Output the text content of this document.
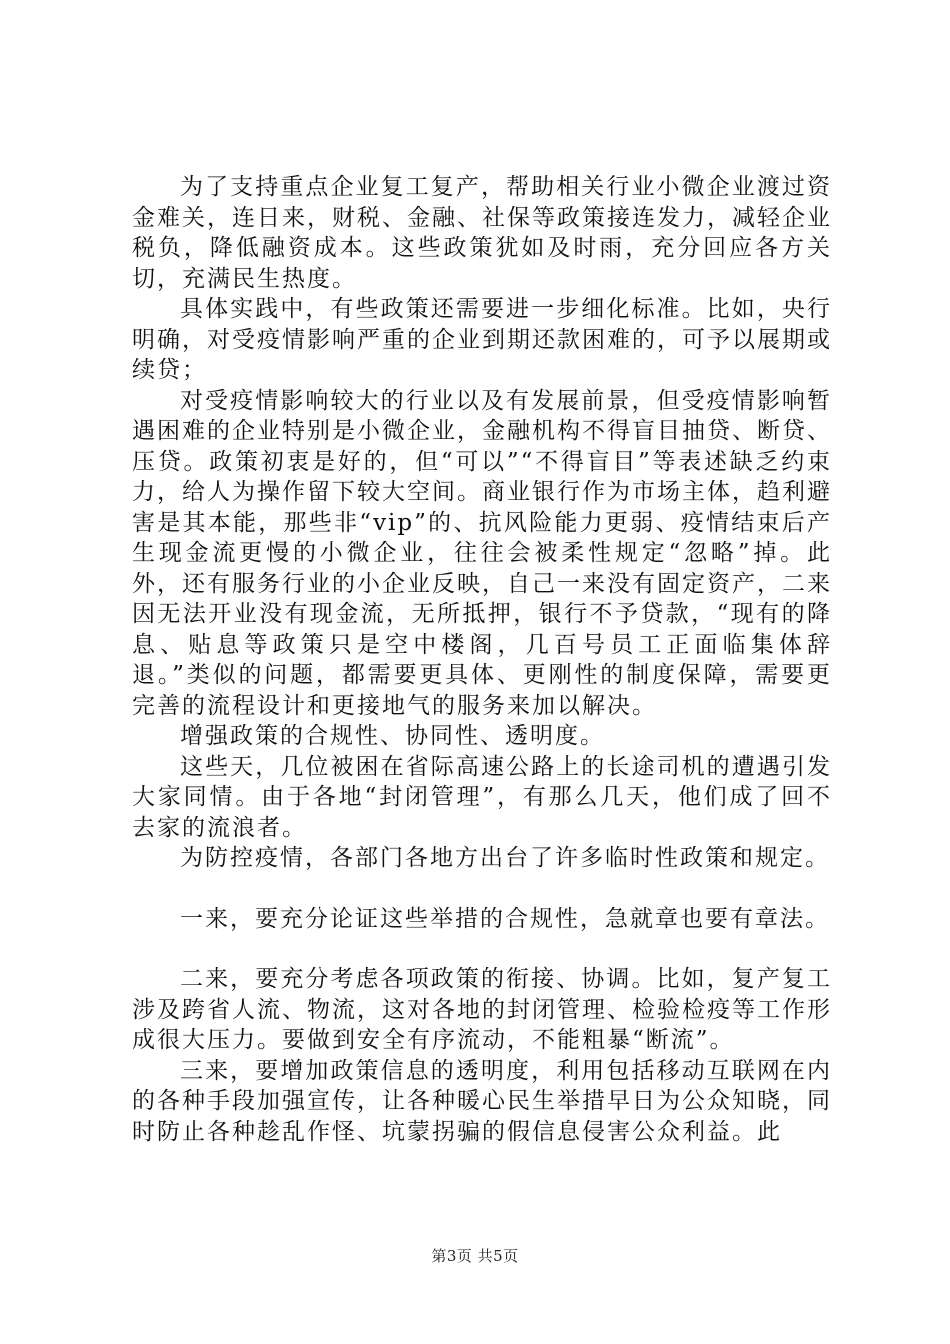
为了支持重点企业复工复产，帮助相关行业小微企业渡过资金难关，连日来，财税、金融、社保等政策接连发力，减轻企业税负，降低融资成本。这些政策犹如及时雨，充分回应各方关切，充满民生热度。

具体实践中，有些政策还需要进一步细化标准。比如，央行明确，对受疫情影响严重的企业到期还款困难的，可予以展期或续贷；

对受疫情影响较大的行业以及有发展前景，但受疫情影响暂遇困难的企业特别是小微企业，金融机构不得盲目抽贷、断贷、压贷。政策初衷是好的，但“可以”“不得盲目”等表述缺乏约束力，给人为操作留下较大空间。商业银行作为市场主体，趋利避害是其本能，那些非“vip”的、抗风险能力更弱、疫情结束后产生现金流更慢的小微企业，往往会被柔性规定“忽略”掉。此外，还有服务行业的小企业反映，自己一来没有固定资产，二来因无法开业没有现金流，无所抵押，银行不予贷款，“现有的降息、贴息等政策只是空中楼阁，几百号员工正面临集体辞退。”类似的问题，都需要更具体、更刚性的制度保障，需要更完善的流程设计和更接地气的服务来加以解决。

增强政策的合规性、协同性、透明度。

这些天，几位被困在省际高速公路上的长途司机的遭遇引发大家同情。由于各地“封闭管理”，有那么几天，他们成了回不去家的流浪者。

为防控疫情，各部门各地方出台了许多临时性政策和规定。

一来，要充分论证这些举措的合规性，急就章也要有章法。

二来，要充分考虑各项政策的衔接、协调。比如，复产复工涉及跨省人流、物流，这对各地的封闭管理、检验检疫等工作形成很大压力。要做到安全有序流动，不能粗暴“断流”。

三来，要增加政策信息的透明度，利用包括移动互联网在内的各种手段加强宣传，让各种暖心民生举措早日为公众知晓，同时防止各种趁乱作怪、坑蒙拐骗的假信息侵害公众利益。此

第3页 共5页
